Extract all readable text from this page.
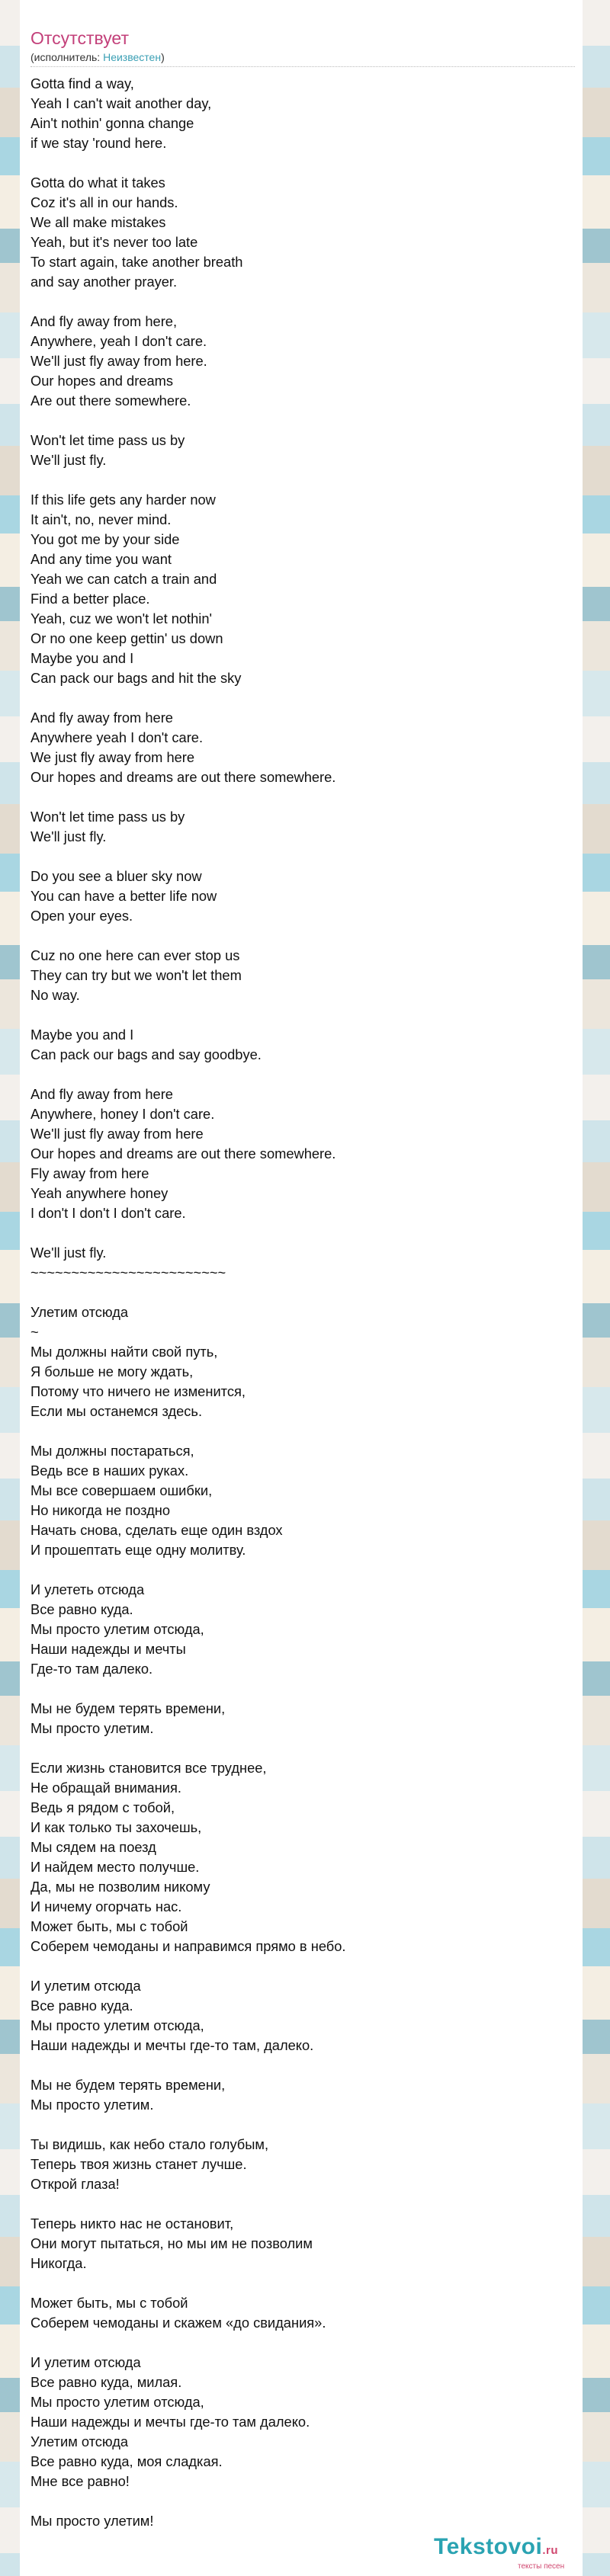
Отсутствует
(исполнитель: Неизвестен)
Gotta find a way,
Yeah I can't wait another day,
Ain't nothin' gonna change
if we stay 'round here.
Gotta do what it takes
Coz it's all in our hands.
We all make mistakes
Yeah, but it's never too late
To start again, take another breath
and say another prayer.
And fly away from here,
Anywhere, yeah I don't care.
We'll just fly away from here.
Our hopes and dreams
Are out there somewhere.
Won't let time pass us by
We'll just fly.
If this life gets any harder now
It ain't, no, never mind.
You got me by your side
And any time you want
Yeah we can catch a train and
Find a better place.
Yeah, cuz we won't let nothin'
Or no one keep gettin' us down
Maybe you and I
Can pack our bags and hit the sky
And fly away from here
Anywhere yeah I don't care.
We just fly away from here
Our hopes and dreams are out there somewhere.
Won't let time pass us by
We'll just fly.
Do you see a bluer sky now
You can have a better life now
Open your eyes.
Cuz no one here can ever stop us
They can try but we won't let them
No way.
Maybe you and I
Can pack our bags and say goodbye.
And fly away from here
Anywhere, honey I don't care.
We'll just fly away from here
Our hopes and dreams are out there somewhere.
Fly away from here
Yeah anywhere honey
I don't I don't I don't care.
We'll just fly.
~~~~~~~~~~~~~~~~~~~~~~~~
Улетим отсюда
~
Мы должны найти свой путь,
Я больше не могу ждать,
Потому что ничего не изменится,
Если мы останемся здесь.
Мы должны постараться,
Ведь все в наших руках.
Мы все совершаем ошибки,
Но никогда не поздно
Начать снова, сделать еще один вздох
И прошептать еще одну молитву.
И улететь отсюда
Все равно куда.
Мы просто улетим отсюда,
Наши надежды и мечты
Где-то там далеко.
Мы не будем терять времени,
Мы просто улетим.
Если жизнь становится все труднее,
Не обращай внимания.
Ведь я рядом с тобой,
И как только ты захочешь,
Мы сядем на поезд
И найдем место получше.
Да, мы не позволим никому
И ничему огорчать нас.
Может быть, мы с тобой
Соберем чемоданы и направимся прямо в небо.
И улетим отсюда
Все равно куда.
Мы просто улетим отсюда,
Наши надежды и мечты где-то там, далеко.
Мы не будем терять времени,
Мы просто улетим.
Ты видишь, как небо стало голубым,
Теперь твоя жизнь станет лучше.
Открой глаза!
Теперь никто нас не остановит,
Они могут пытаться, но мы им не позволим
Никогда.
Может быть, мы с тобой
Соберем чемоданы и скажем «до свидания».
И улетим отсюда
Все равно куда, милая.
Мы просто улетим отсюда,
Наши надежды и мечты где-то там далеко.
Улетим отсюда
Все равно куда, моя сладкая.
Мне все равно!
Мы просто улетим!
Tekstovoi.ru
тексты песен
